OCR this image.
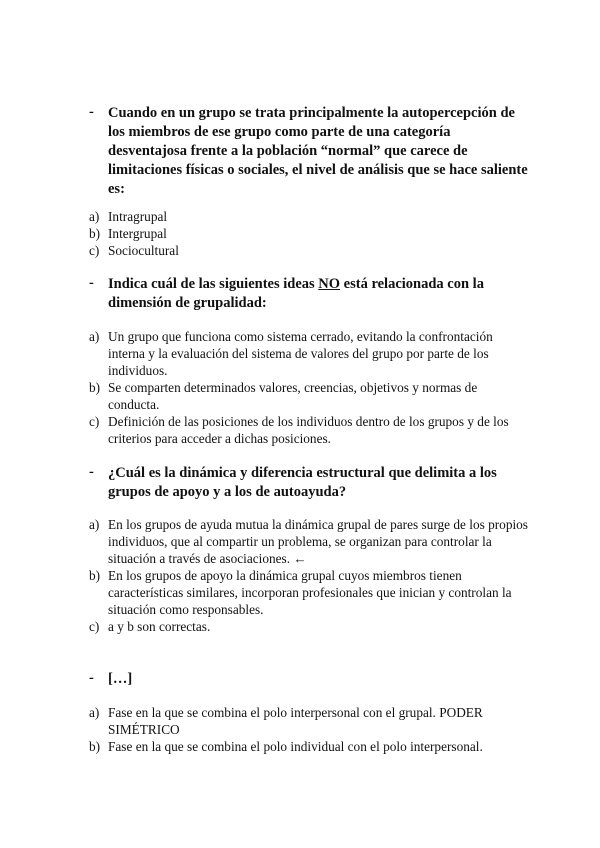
- Cuando en un grupo se trata principalmente la autopercepción de los miembros de ese grupo como parte de una categoría desventajosa frente a la población “normal” que carece de limitaciones físicas o sociales, el nivel de análisis que se hace saliente es:
a) Intragrupal
b) Intergrupal
c) Sociocultural
- Indica cuál de las siguientes ideas NO está relacionada con la dimensión de grupalidad:
a) Un grupo que funciona como sistema cerrado, evitando la confrontación interna y la evaluación del sistema de valores del grupo por parte de los individuos.
b) Se comparten determinados valores, creencias, objetivos y normas de conducta.
c) Definición de las posiciones de los individuos dentro de los grupos y de los criterios para acceder a dichas posiciones.
- ¿Cuál es la dinámica y diferencia estructural que delimita a los grupos de apoyo y a los de autoayuda?
a) En los grupos de ayuda mutua la dinámica grupal de pares surge de los propios individuos, que al compartir un problema, se organizan para controlar la situación a través de asociaciones. ←
b) En los grupos de apoyo la dinámica grupal cuyos miembros tienen características similares, incorporan profesionales que inician y controlan la situación como responsables.
c) a y b son correctas.
- […]
a) Fase en la que se combina el polo interpersonal con el grupal. PODER SIMÉTRICO
b) Fase en la que se combina el polo individual con el polo interpersonal.
